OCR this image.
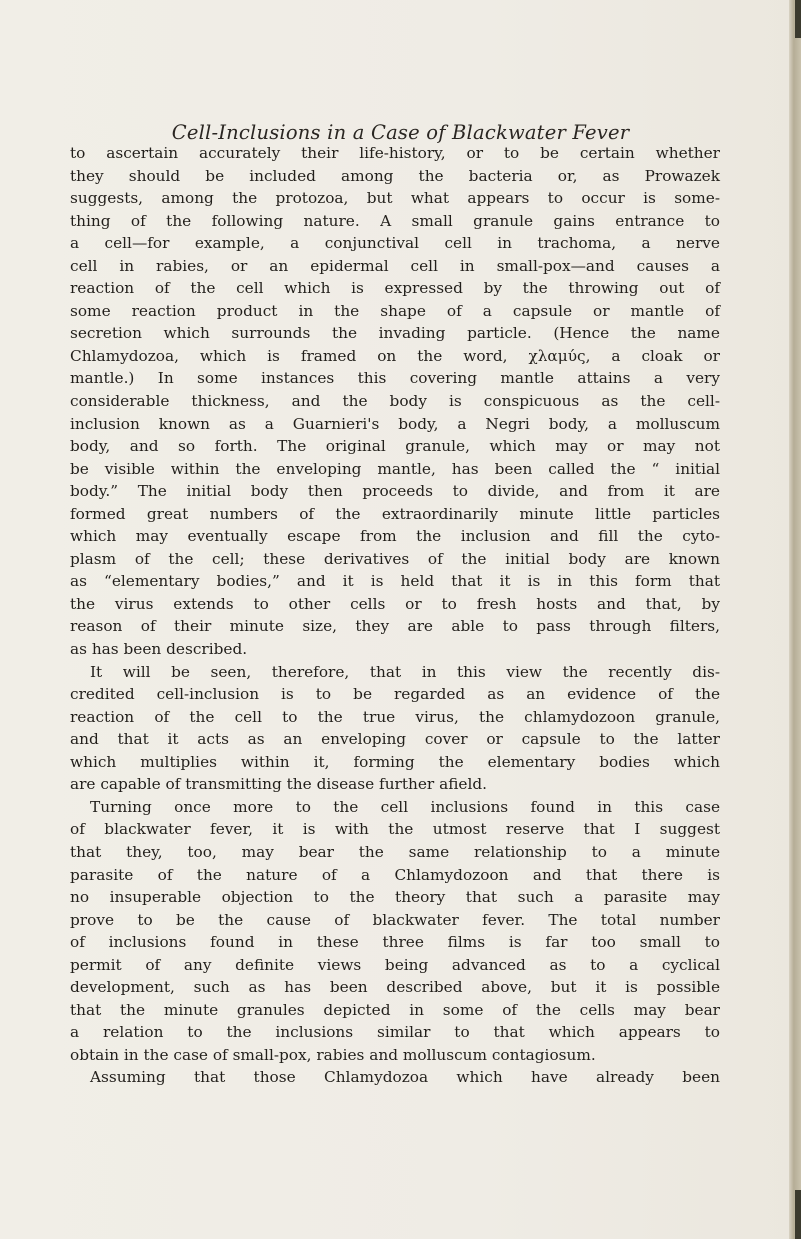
Cell-Inclusions in a Case of Blackwater Fever
to ascertain accurately their life-history, or to be certain whether
they should be included among the bacteria or, as Prowazek
suggests, among the protozoa, but what appears to occur is some-
thing of the following nature. A small granule gains entrance to
a cell—for example, a conjunctival cell in trachoma, a nerve
cell in rabies, or an epidermal cell in small-pox—and causes a
reaction of the cell which is expressed by the throwing out of
some reaction product in the shape of a capsule or mantle of
secretion which surrounds the invading particle. (Hence the name
Chlamydozoa, which is framed on the word, χλαμύς, a cloak or
mantle.) In some instances this covering mantle attains a very
considerable thickness, and the body is conspicuous as the cell-
inclusion known as a Guarnieri's body, a Negri body, a molluscum
body, and so forth. The original granule, which may or may not
be visible within the enveloping mantle, has been called the “ initial
body.” The initial body then proceeds to divide, and from it are
formed great numbers of the extraordinarily minute little particles
which may eventually escape from the inclusion and fill the cyto-
plasm of the cell; these derivatives of the initial body are known
as “elementary bodies,” and it is held that it is in this form that
the virus extends to other cells or to fresh hosts and that, by
reason of their minute size, they are able to pass through filters,
as has been described.
It will be seen, therefore, that in this view the recently dis-
credited cell-inclusion is to be regarded as an evidence of the
reaction of the cell to the true virus, the chlamydozoon granule,
and that it acts as an enveloping cover or capsule to the latter
which multiplies within it, forming the elementary bodies which
are capable of transmitting the disease further afield.
Turning once more to the cell inclusions found in this case
of blackwater fever, it is with the utmost reserve that I suggest
that they, too, may bear the same relationship to a minute
parasite of the nature of a Chlamydozoon and that there is
no insuperable objection to the theory that such a parasite may
prove to be the cause of blackwater fever. The total number
of inclusions found in these three films is far too small to
permit of any definite views being advanced as to a cyclical
development, such as has been described above, but it is possible
that the minute granules depicted in some of the cells may bear
a relation to the inclusions similar to that which appears to
obtain in the case of small-pox, rabies and molluscum contagiosum.
Assuming that those Chlamydozoa which have already been
